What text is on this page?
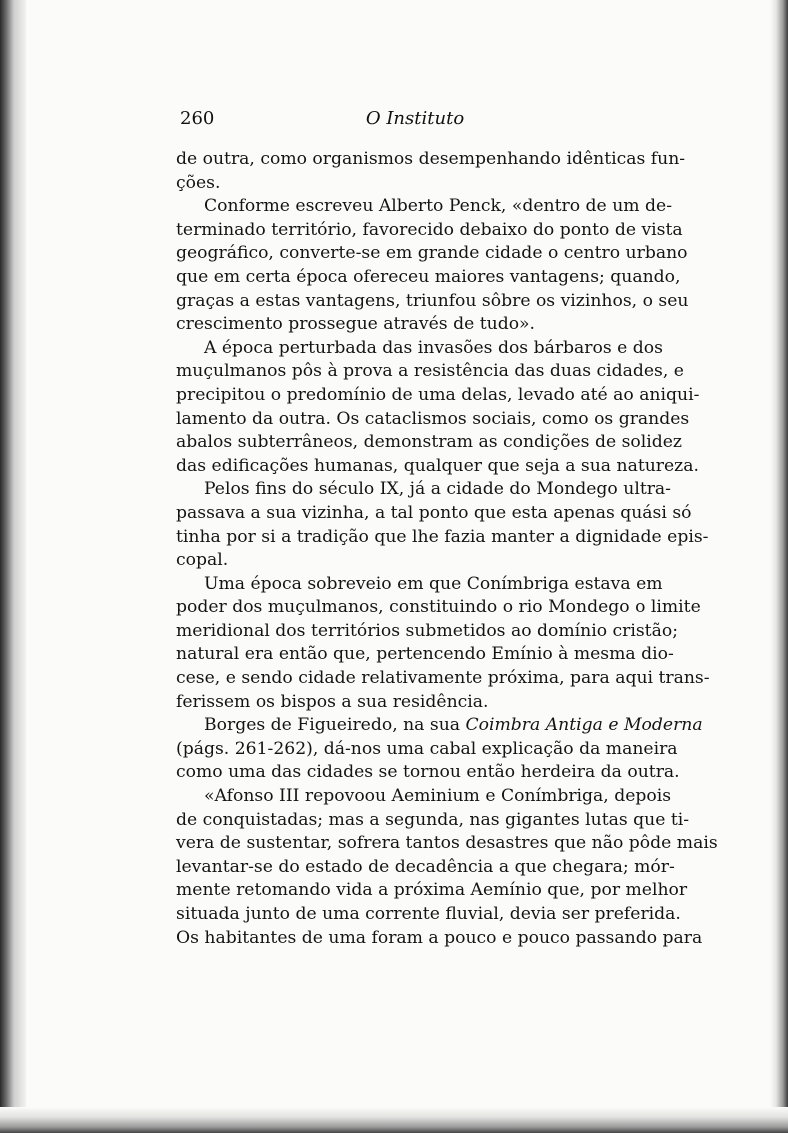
260	O Instituto
de outra, como organismos desempenhando idênticas fun-
ções.
Conforme escreveu Alberto Penck, «dentro de um de-
terminado território, favorecido debaixo do ponto de vista
geográfico, converte-se em grande cidade o centro urbano
que em certa época ofereceu maiores vantagens; quando,
graças a estas vantagens, triunfou sôbre os vizinhos, o seu
crescimento prossegue através de tudo».
A época perturbada das invasões dos bárbaros e dos
muçulmanos pôs à prova a resistência das duas cidades, e
precipitou o predomínio de uma delas, levado até ao aniqui-
lamento da outra. Os cataclismos sociais, como os grandes
abalos subterrâneos, demonstram as condições de solidez
das edificações humanas, qualquer que seja a sua natureza.
Pelos fins do século IX, já a cidade do Mondego ultra-
passava a sua vizinha, a tal ponto que esta apenas quási só
tinha por si a tradição que lhe fazia manter a dignidade epis-
copal.
Uma época sobreveio em que Conímbriga estava em
poder dos muçulmanos, constituindo o rio Mondego o limite
meridional dos territórios submetidos ao domínio cristão;
natural era então que, pertencendo Emínio à mesma dio-
cese, e sendo cidade relativamente próxima, para aqui trans-
ferissem os bispos a sua residência.
Borges de Figueiredo, na sua Coimbra Antiga e Moderna
(págs. 261-262), dá-nos uma cabal explicação da maneira
como uma das cidades se tornou então herdeira da outra.
«Afonso III repovoou Aeminium e Conímbriga, depois
de conquistadas; mas a segunda, nas gigantes lutas que ti-
vera de sustentar, sofrera tantos desastres que não pôde mais
levantar-se do estado de decadência a que chegara; mór-
mente retomando vida a próxima Aemínio que, por melhor
situada junto de uma corrente fluvial, devia ser preferida.
Os habitantes de uma foram a pouco e pouco passando para
